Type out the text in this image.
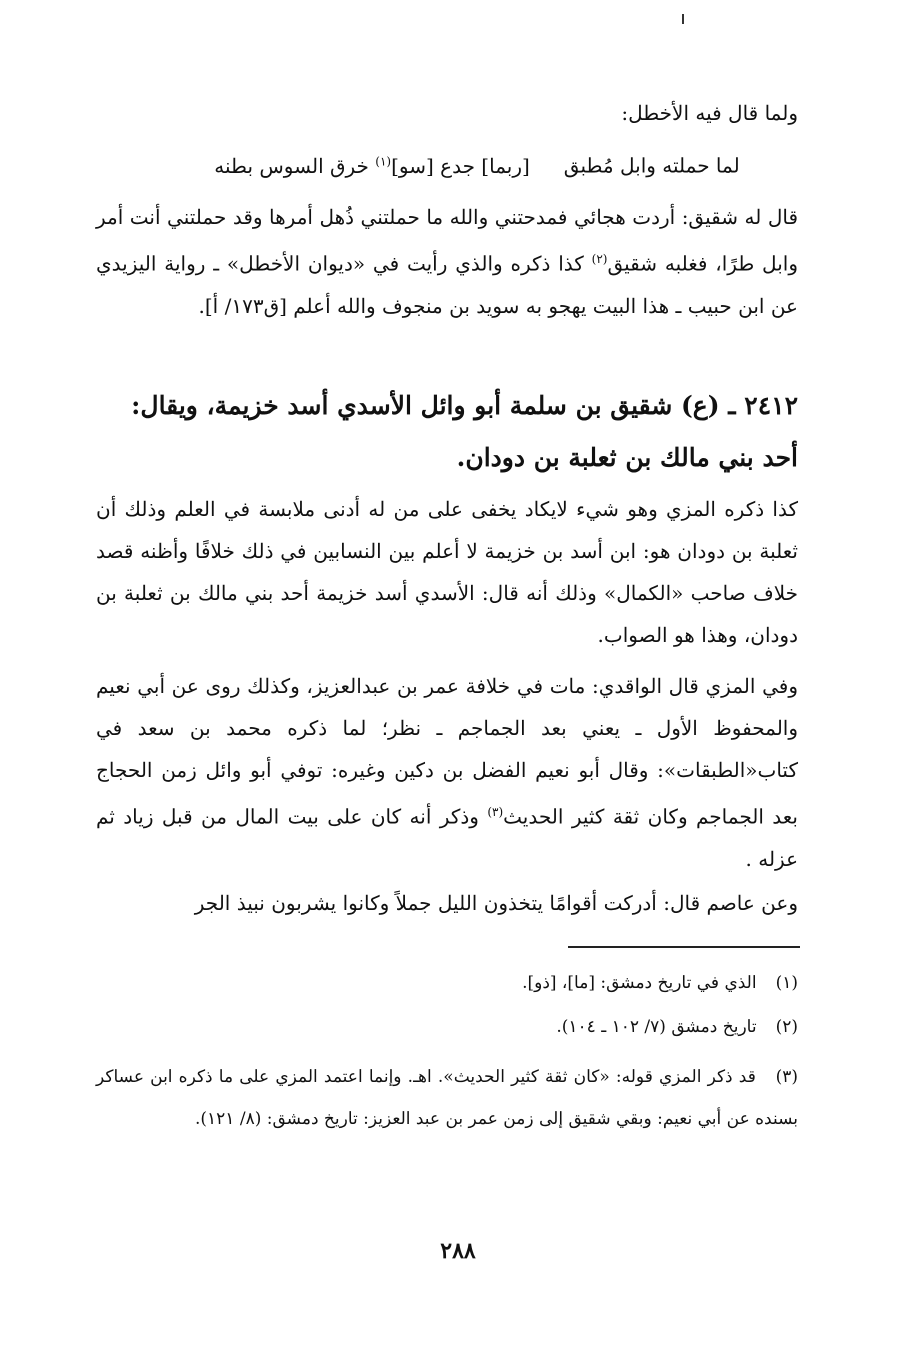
ولما قال فيه الأخطل:
لما حملته وابل مُطبق[ربما] جدع [سو]$^{(١)}$ خرق السوس بطنه

قال له شقيق: أردت هجائي فمدحتني والله ما حملتني ذُهل أمرها وقد حملتني أنت أمر وابل طرًا، فغلبه شقيق$^{(٢)}$ كذا ذكره والذي رأيت في «ديوان الأخطل» ـ رواية اليزيدي عن ابن حبيب ـ هذا البيت يهجو به سويد بن منجوف والله أعلم [ق١٧٣/ أ].

٢٤١٢ ـ (ع) شقيق بن سلمة أبو وائل الأسدي أسد خزيمة، ويقال: أحد بني مالك بن ثعلبة بن دودان.

كذا ذكره المزي وهو شيء لايكاد يخفى على من له أدنى ملابسة في العلم وذلك أن ثعلبة بن دودان هو: ابن أسد بن خزيمة لا أعلم بين النسابين في ذلك خلافًا وأظنه قصد خلاف صاحب «الكمال» وذلك أنه قال: الأسدي أسد خزيمة أحد بني مالك بن ثعلبة بن دودان، وهذا هو الصواب.

وفي المزي قال الواقدي: مات في خلافة عمر بن عبدالعزيز، وكذلك روى عن أبي نعيم والمحفوظ الأول ـ يعني بعد الجماجم ـ نظر؛ لما ذكره محمد بن سعد في كتاب«الطبقات»: وقال أبو نعيم الفضل بن دكين وغيره: توفي أبو وائل زمن الحجاج بعد الجماجم وكان ثقة كثير الحديث$^{(٣)}$ وذكر أنه كان على بيت المال من قبل زياد ثم عزله .

وعن عاصم قال: أدركت أقوامًا يتخذون الليل جملاً وكانوا يشربون نبيذ الجر

(١) الذي في تاريخ دمشق: [ما]، [ذو].
(٢) تاريخ دمشق (٧/ ١٠٢ ـ ١٠٤).
(٣) قد ذكر المزي قوله: «كان ثقة كثير الحديث». اهـ. وإنما اعتمد المزي على ما ذكره ابن عساكر بسنده عن أبي نعيم: وبقي شقيق إلى زمن عمر بن عبد العزيز: تاريخ دمشق: (٨/ ١٢١).
٢٨٨
